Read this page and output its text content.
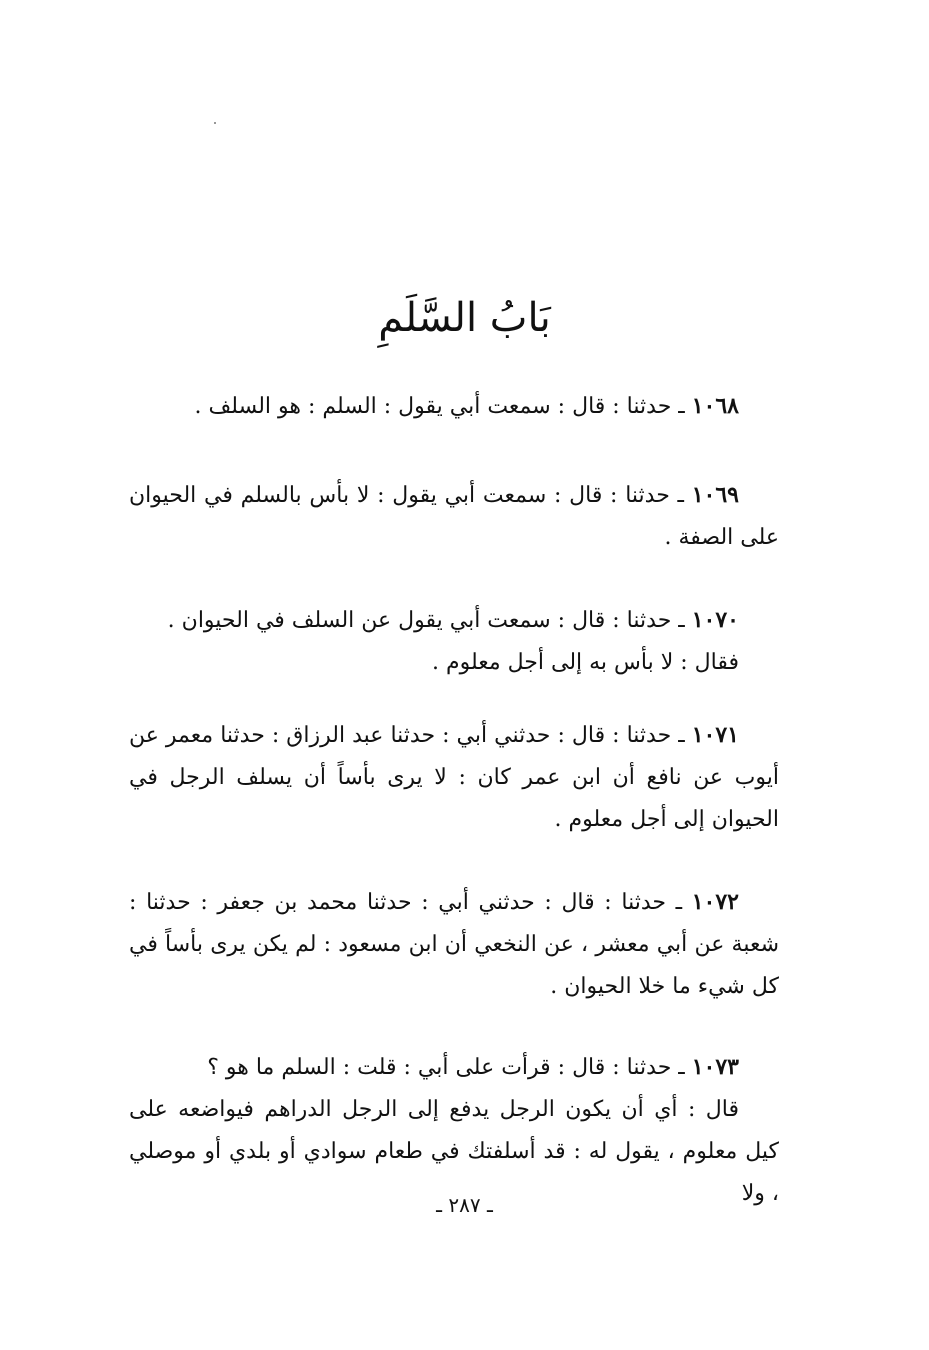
بَابُ السَّلَمِ

١٠٦٨ ـ حدثنا : قال : سمعت أبي يقول : السلم : هو السلف .

١٠٦٩ ـ حدثنا : قال : سمعت أبي يقول : لا بأس بالسلم في الحيوان على الصفة .

١٠٧٠ ـ حدثنا : قال : سمعت أبي يقول عن السلف في الحيوان .

فقال : لا بأس به إلى أجل معلوم .

١٠٧١ ـ حدثنا : قال : حدثني أبي : حدثنا عبد الرزاق : حدثنا معمر عن أيوب عن نافع أن ابن عمر كان : لا يرى بأساً أن يسلف الرجل في الحيوان إلى أجل معلوم .

١٠٧٢ ـ حدثنا : قال : حدثني أبي : حدثنا محمد بن جعفر : حدثنا : شعبة عن أبي معشر ، عن النخعي أن ابن مسعود : لم يكن يرى بأساً في كل شيء ما خلا الحيوان .

١٠٧٣ ـ حدثنا : قال : قرأت على أبي : قلت : السلم ما هو ؟

قال : أي أن يكون الرجل يدفع إلى الرجل الدراهم فيواضعه على كيل معلوم ، يقول له : قد أسلفتك في طعام سوادي أو بلدي أو موصلي ، ولا

ـ ٢٨٧ ـ
